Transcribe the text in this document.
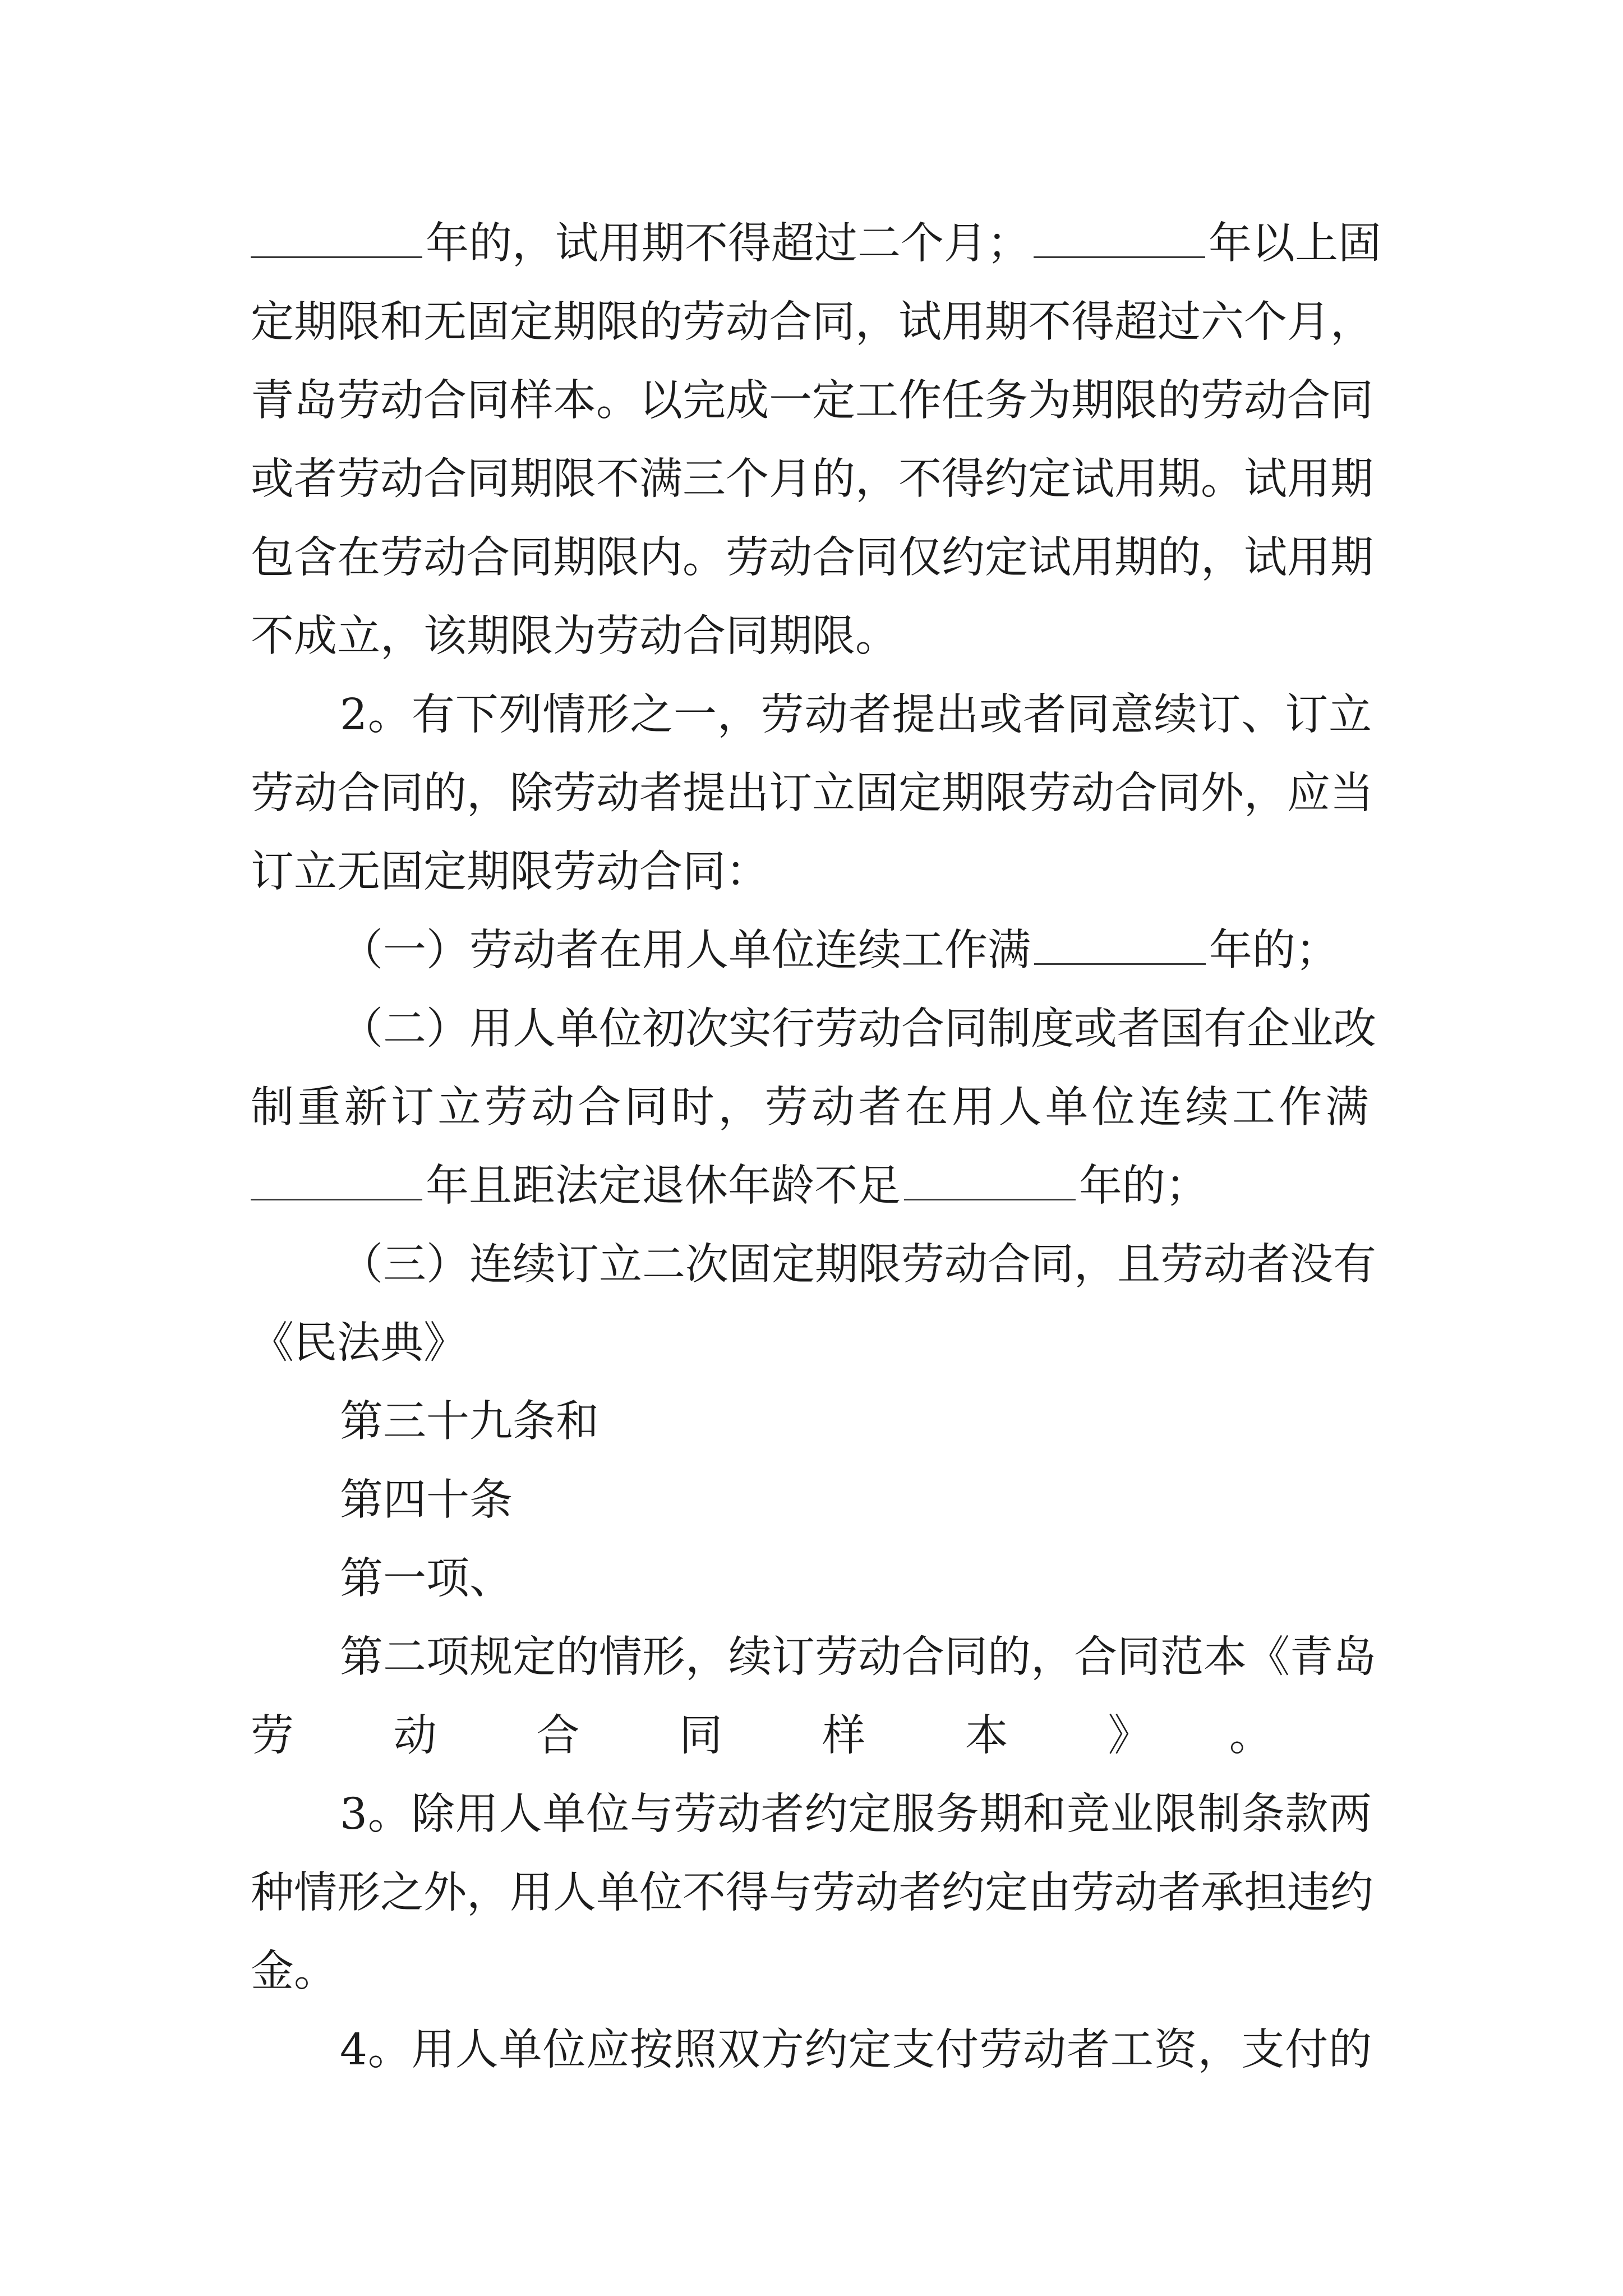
年的，试用期不得超过二个月；	年以上固
定期限和无固定期限的劳动合同，试用期不得超过六个月，
青岛劳动合同样本。以完成一定工作任务为期限的劳动合同
或者劳动合同期限不满三个月的，不得约定试用期。试用期
包含在劳动合同期限内。劳动合同仅约定试用期的，试用期
不成立，该期限为劳动合同期限。
2。有下列情形之一，劳动者提出或者同意续订、订立
劳动合同的，除劳动者提出订立固定期限劳动合同外，应当
订立无固定期限劳动合同：
（一）劳动者在用人单位连续工作满	年的；
（二）用人单位初次实行劳动合同制度或者国有企业改
制重新订立劳动合同时，劳动者在用人单位连续工作满
年且距法定退休年龄不足	年的；
（三）连续订立二次固定期限劳动合同，且劳动者没有
《民法典》
第三十九条和
第四十条
第一项、
第二项规定的情形，续订劳动合同的，合同范本《青岛
劳动合同样本》。
3。除用人单位与劳动者约定服务期和竞业限制条款两
种情形之外，用人单位不得与劳动者约定由劳动者承担违约
金。
4。用人单位应按照双方约定支付劳动者工资，支付的
